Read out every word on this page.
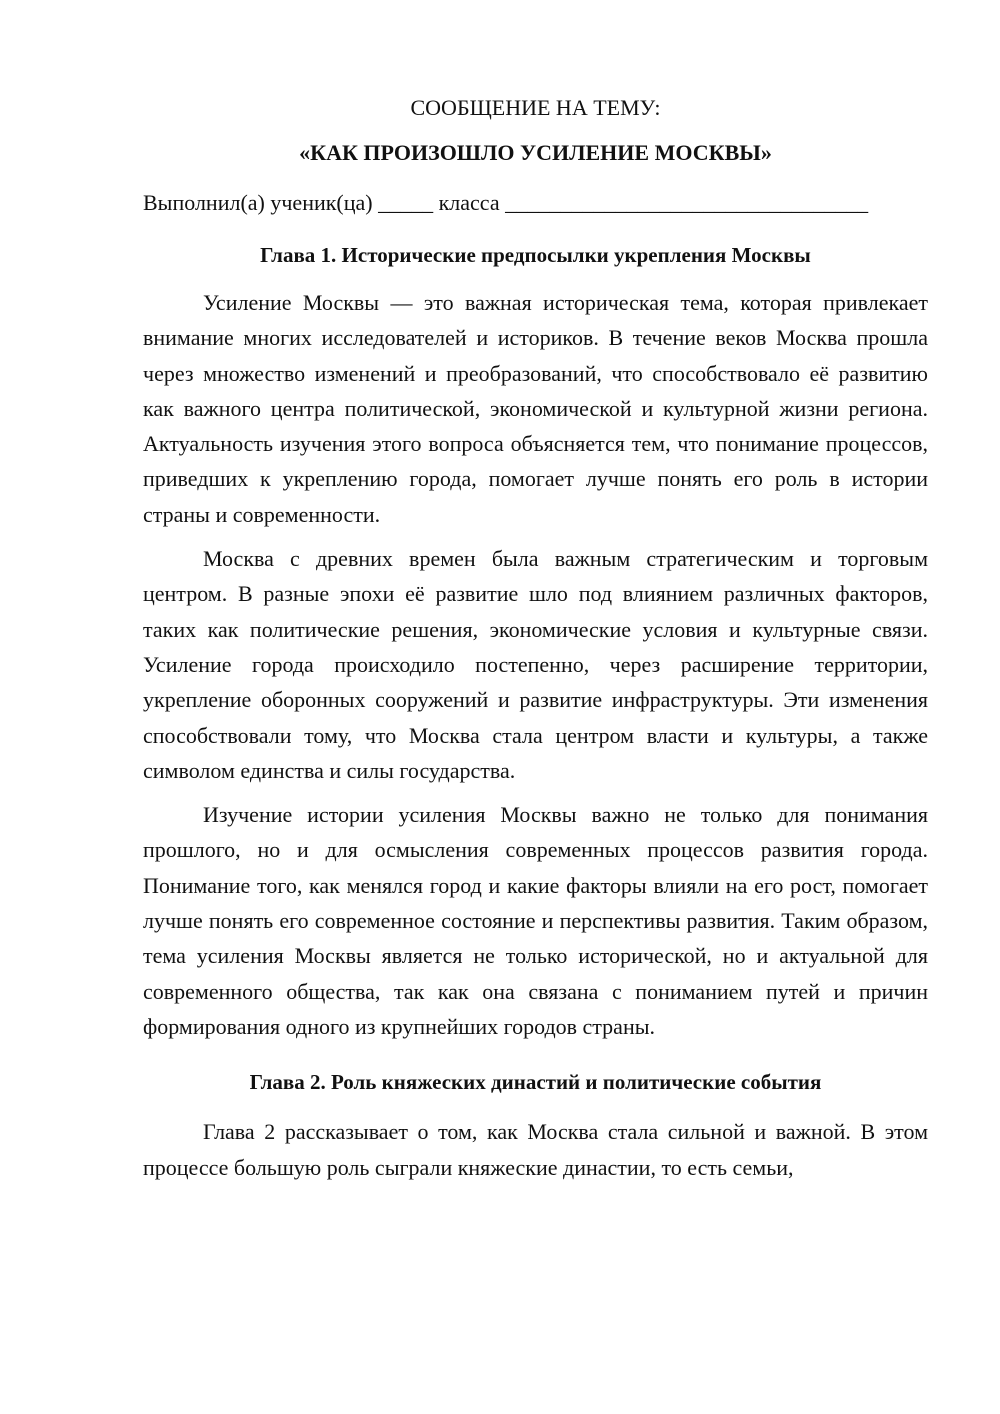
СООБЩЕНИЕ НА ТЕМУ:

«КАК ПРОИЗОШЛО УСИЛЕНИЕ МОСКВЫ»

Выполнил(а) ученик(ца) _____ класса _________________________________

Глава 1. Исторические предпосылки укрепления Москвы

Усиление Москвы — это важная историческая тема, которая привлекает внимание многих исследователей и историков. В течение веков Москва прошла через множество изменений и преобразований, что способствовало её развитию как важного центра политической, экономической и культурной жизни региона. Актуальность изучения этого вопроса объясняется тем, что понимание процессов, приведших к укреплению города, помогает лучше понять его роль в истории страны и современности.

Москва с древних времен была важным стратегическим и торговым центром. В разные эпохи её развитие шло под влиянием различных факторов, таких как политические решения, экономические условия и культурные связи. Усиление города происходило постепенно, через расширение территории, укрепление оборонных сооружений и развитие инфраструктуры. Эти изменения способствовали тому, что Москва стала центром власти и культуры, а также символом единства и силы государства.

Изучение истории усиления Москвы важно не только для понимания прошлого, но и для осмысления современных процессов развития города. Понимание того, как менялся город и какие факторы влияли на его рост, помогает лучше понять его современное состояние и перспективы развития. Таким образом, тема усиления Москвы является не только исторической, но и актуальной для современного общества, так как она связана с пониманием путей и причин формирования одного из крупнейших городов страны.

Глава 2. Роль княжеских династий и политические события

Глава 2 рассказывает о том, как Москва стала сильной и важной. В этом процессе большую роль сыграли княжеские династии, то есть семьи,
